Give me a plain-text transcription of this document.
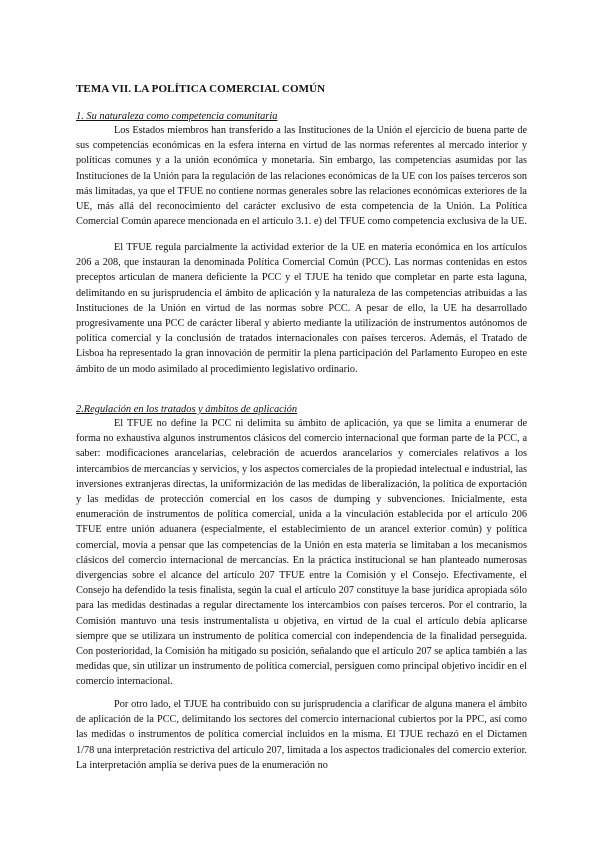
TEMA VII. LA POLÍTICA COMERCIAL COMÚN
1. Su naturaleza como competencia comunitaria

Los Estados miembros han transferido a las Instituciones de la Unión el ejercicio de buena parte de sus competencias económicas en la esfera interna en virtud de las normas referentes al mercado interior y políticas comunes y a la unión económica y monetaria. Sin embargo, las competencias asumidas por las Instituciones de la Unión para la regulación de las relaciones económicas de la UE con los países terceros son más limitadas, ya que el TFUE no contiene normas generales sobre las relaciones económicas exteriores de la UE, más allá del reconocimiento del carácter exclusivo de esta competencia de la Unión. La Política Comercial Común aparece mencionada en el artículo 3.1. e) del TFUE como competencia exclusiva de la UE.

El TFUE regula parcialmente la actividad exterior de la UE en materia económica en los artículos 206 a 208, que instauran la denominada Política Comercial Común (PCC). Las normas contenidas en estos preceptos articulan de manera deficiente la PCC y el TJUE ha tenido que completar en parte esta laguna, delimitando en su jurisprudencia el ámbito de aplicación y la naturaleza de las competencias atribuidas a las Instituciones de la Unión en virtud de las normas sobre PCC. A pesar de ello, la UE ha desarrollado progresivamente una PCC de carácter liberal y abierto mediante la utilización de instrumentos autónomos de política comercial y la conclusión de tratados internacionales con países terceros. Además, el Tratado de Lisboa ha representado la gran innovación de permitir la plena participación del Parlamento Europeo en este ámbito de un modo asimilado al procedimiento legislativo ordinario.

2.Regulación en los tratados y ámbitos de aplicación

El TFUE no define la PCC ni delimita su ámbito de aplicación, ya que se limita a enumerar de forma no exhaustiva algunos instrumentos clásicos del comercio internacional que forman parte de la PCC, a saber: modificaciones arancelarias, celebración de acuerdos arancelarios y comerciales relativos a los intercambios de mercancías y servicios, y los aspectos comerciales de la propiedad intelectual e industrial, las inversiones extranjeras directas, la uniformización de las medidas de liberalización, la política de exportación y las medidas de protección comercial en los casos de dumping y subvenciones. Inicialmente, esta enumeración de instrumentos de política comercial, unida a la vinculación establecida por el artículo 206 TFUE entre unión aduanera (especialmente, el establecimiento de un arancel exterior común) y política comercial, movía a pensar que las competencias de la Unión en esta materia se limitaban a los mecanismos clásicos del comercio internacional de mercancías. En la práctica institucional se han planteado numerosas divergencias sobre el alcance del artículo 207 TFUE entre la Comisión y el Consejo. Efectivamente, el Consejo ha defendido la tesis finalista, según la cual el artículo 207 constituye la base jurídica apropiada sólo para las medidas destinadas a regular directamente los intercambios con países terceros. Por el contrario, la Comisión mantuvo una tesis instrumentalista u objetiva, en virtud de la cual el artículo debía aplicarse siempre que se utilizara un instrumento de política comercial con independencia de la finalidad perseguida. Con posterioridad, la Comisión ha mitigado su posición, señalando que el artículo 207 se aplica también a las medidas que, sin utilizar un instrumento de política comercial, persiguen como principal objetivo incidir en el comercio internacional.

Por otro lado, el TJUE ha contribuido con su jurisprudencia a clarificar de alguna manera el ámbito de aplicación de la PCC, delimitando los sectores del comercio internacional cubiertos por la PPC, así como las medidas o instrumentos de política comercial incluidos en la misma. El TJUE rechazó en el Dictamen 1/78 una interpretación restrictiva del artículo 207, limitada a los aspectos tradicionales del comercio exterior. La interpretación amplia se deriva pues de la enumeración no
